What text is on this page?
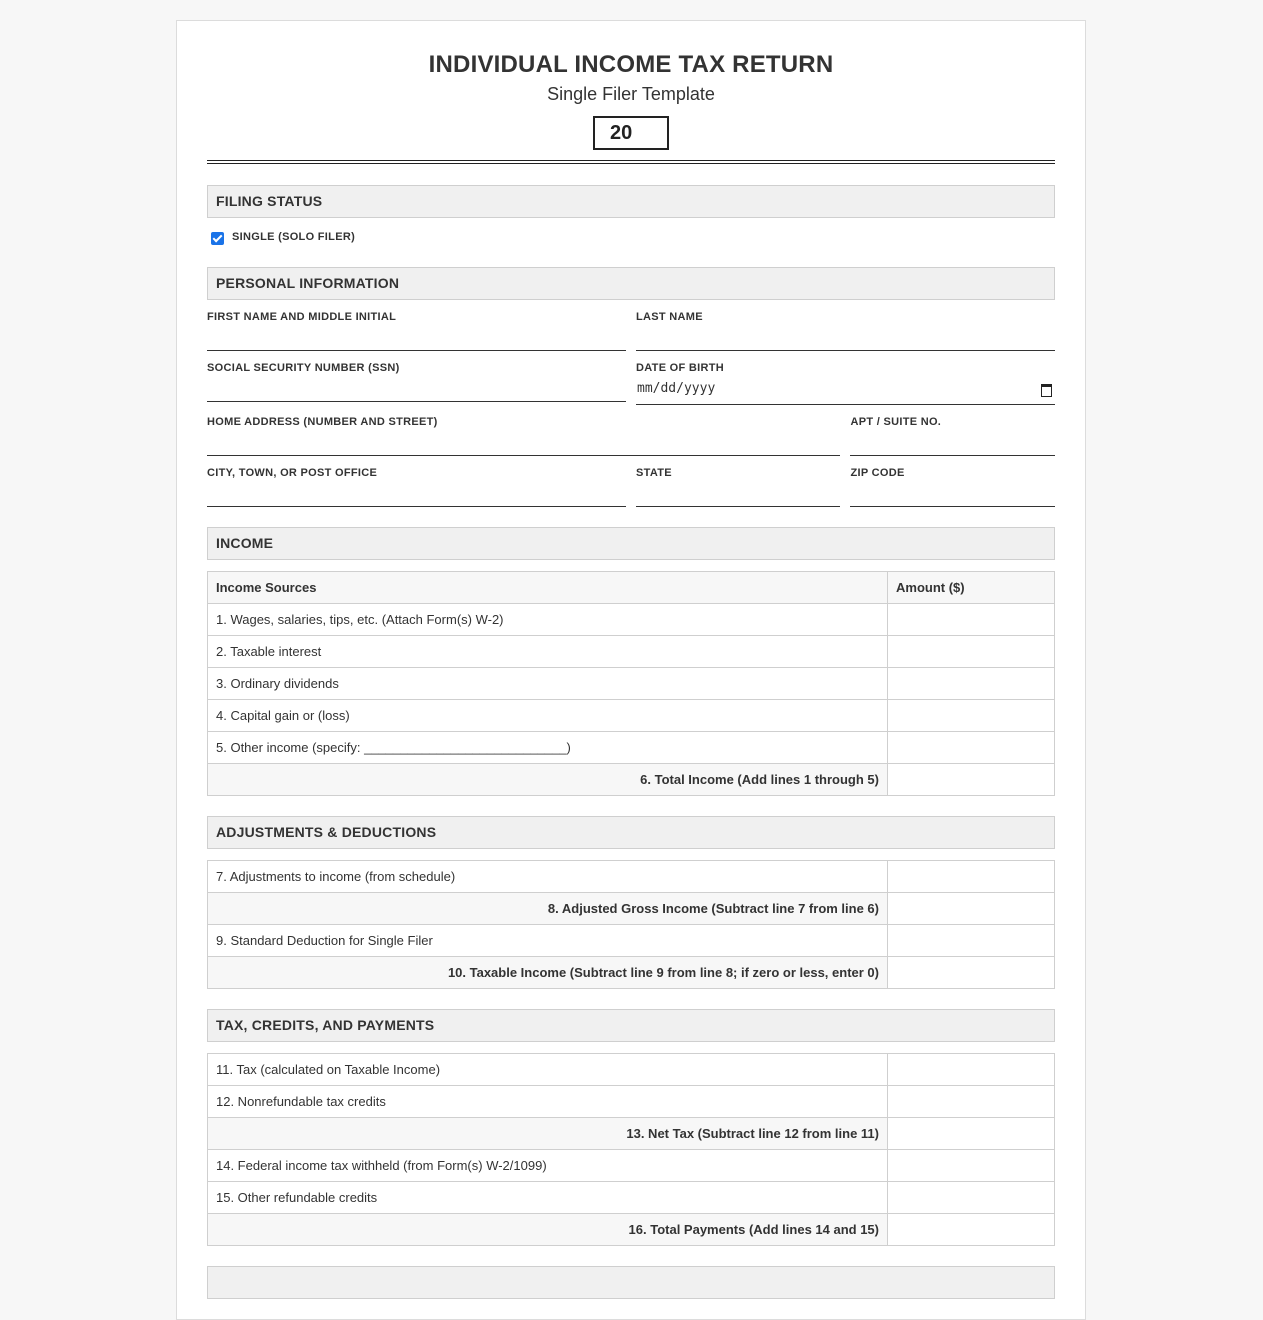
INDIVIDUAL INCOME TAX RETURN
Single Filer Template
20
FILING STATUS
SINGLE (SOLO FILER)
PERSONAL INFORMATION
FIRST NAME AND MIDDLE INITIAL	LAST NAME
SOCIAL SECURITY NUMBER (SSN)	DATE OF BIRTH
mm/dd/yyyy
HOME ADDRESS (NUMBER AND STREET)	APT / SUITE NO.
CITY, TOWN, OR POST OFFICE	STATE	ZIP CODE
INCOME
Income Sources	Amount ($)
1. Wages, salaries, tips, etc. (Attach Form(s) W-2)	
2. Taxable interest	
3. Ordinary dividends	
4. Capital gain or (loss)	
5. Other income (specify: ____________________________)	
6. Total Income (Add lines 1 through 5)	
ADJUSTMENTS & DEDUCTIONS
7. Adjustments to income (from schedule)	
8. Adjusted Gross Income (Subtract line 7 from line 6)	
9. Standard Deduction for Single Filer	
10. Taxable Income (Subtract line 9 from line 8; if zero or less, enter 0)	
TAX, CREDITS, AND PAYMENTS
11. Tax (calculated on Taxable Income)	
12. Nonrefundable tax credits	
13. Net Tax (Subtract line 12 from line 11)	
14. Federal income tax withheld (from Form(s) W-2/1099)	
15. Other refundable credits	
16. Total Payments (Add lines 14 and 15)	
